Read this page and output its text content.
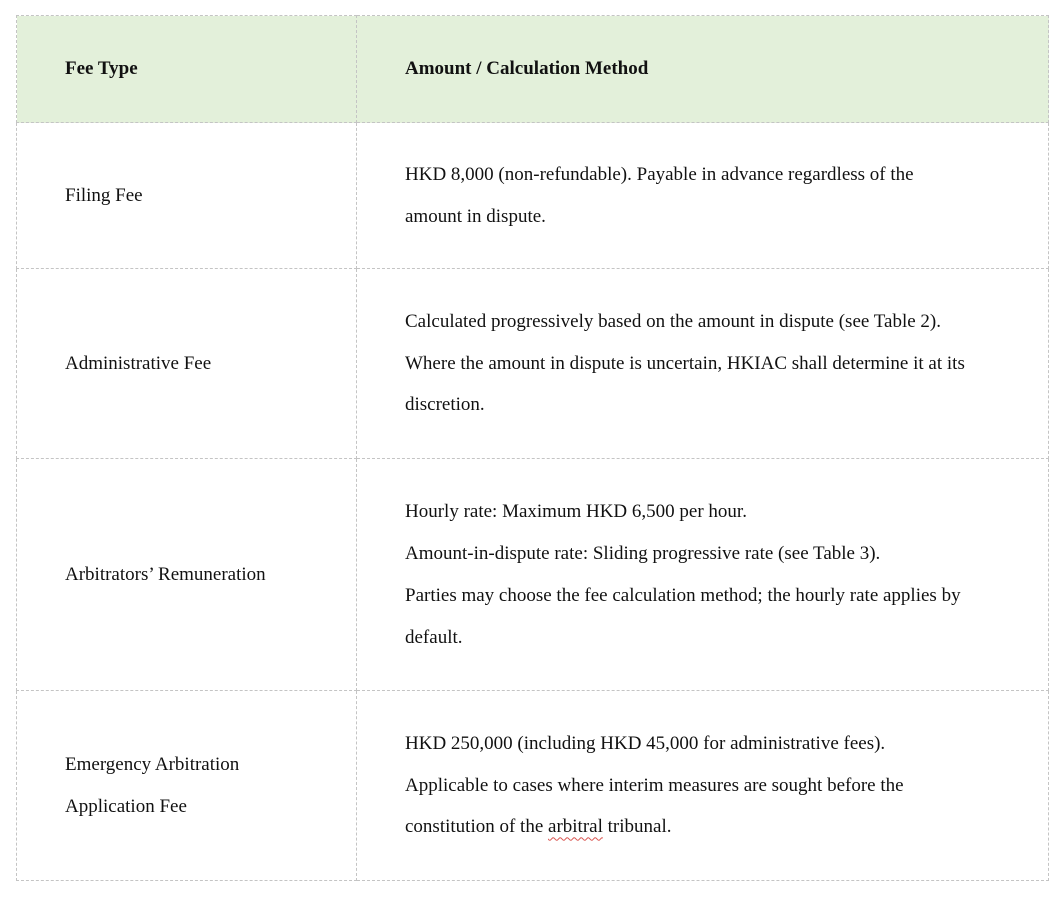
Fee Type	Amount / Calculation Method

Filing Fee	HKD 8,000 (non-refundable). Payable in advance regardless of the
amount in dispute.

Administrative Fee	Calculated progressively based on the amount in dispute (see Table 2).
Where the amount in dispute is uncertain, HKIAC shall determine it at its
discretion.

Arbitrators’ Remuneration	Hourly rate: Maximum HKD 6,500 per hour.
Amount-in-dispute rate: Sliding progressive rate (see Table 3).
Parties may choose the fee calculation method; the hourly rate applies by
default.

Emergency Arbitration
Application Fee	HKD 250,000 (including HKD 45,000 for administrative fees).
Applicable to cases where interim measures are sought before the
constitution of the arbitral tribunal.
